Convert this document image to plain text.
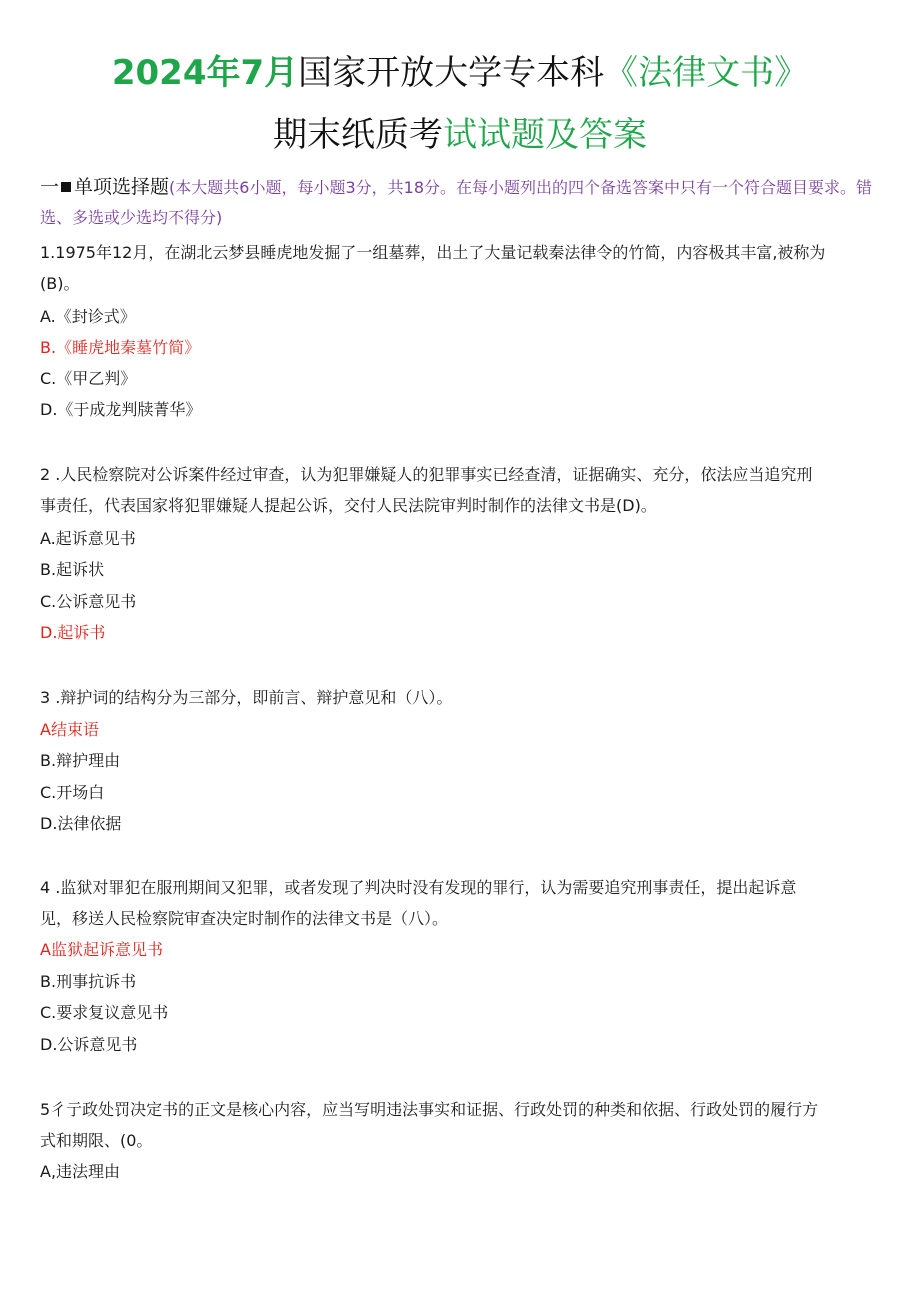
2024年7月国家开放大学专本科《法律文书》
期末纸质考试试题及答案
一 单项选择题(本大题共6小题，每小题3分，共18分。在每小题列出的四个备选答案中只有一个符合题目要求。错选、多选或少选均不得分)
1.1975年12月，在湖北云梦县睡虎地发掘了一组墓葬，出土了大量记载秦法律令的竹简，内容极其丰富,被称为
(B)。
A.《封诊式》
B.《睡虎地秦墓竹简》
C.《甲乙判》
D.《于成龙判牍菁华》
2 .人民检察院对公诉案件经过审查，认为犯罪嫌疑人的犯罪事实已经查清，证据确实、充分，依法应当追究刑
事责任，代表国家将犯罪嫌疑人提起公诉，交付人民法院审判时制作的法律文书是(D)。
A.起诉意见书
B.起诉状
C.公诉意见书
D.起诉书
3 .辩护词的结构分为三部分，即前言、辩护意见和（八）。
A结束语
B.辩护理由
C.开场白
D.法律依据
4 .监狱对罪犯在服刑期间又犯罪，或者发现了判决时没有发现的罪行，认为需要追究刑事责任，提出起诉意
见，移送人民检察院审查决定时制作的法律文书是（八）。
A监狱起诉意见书
B.刑事抗诉书
C.要求复议意见书
D.公诉意见书
5彳亍政处罚决定书的正文是核心内容，应当写明违法事实和证据、行政处罚的种类和依据、行政处罚的履行方
式和期限、(0。
A,违法理由
